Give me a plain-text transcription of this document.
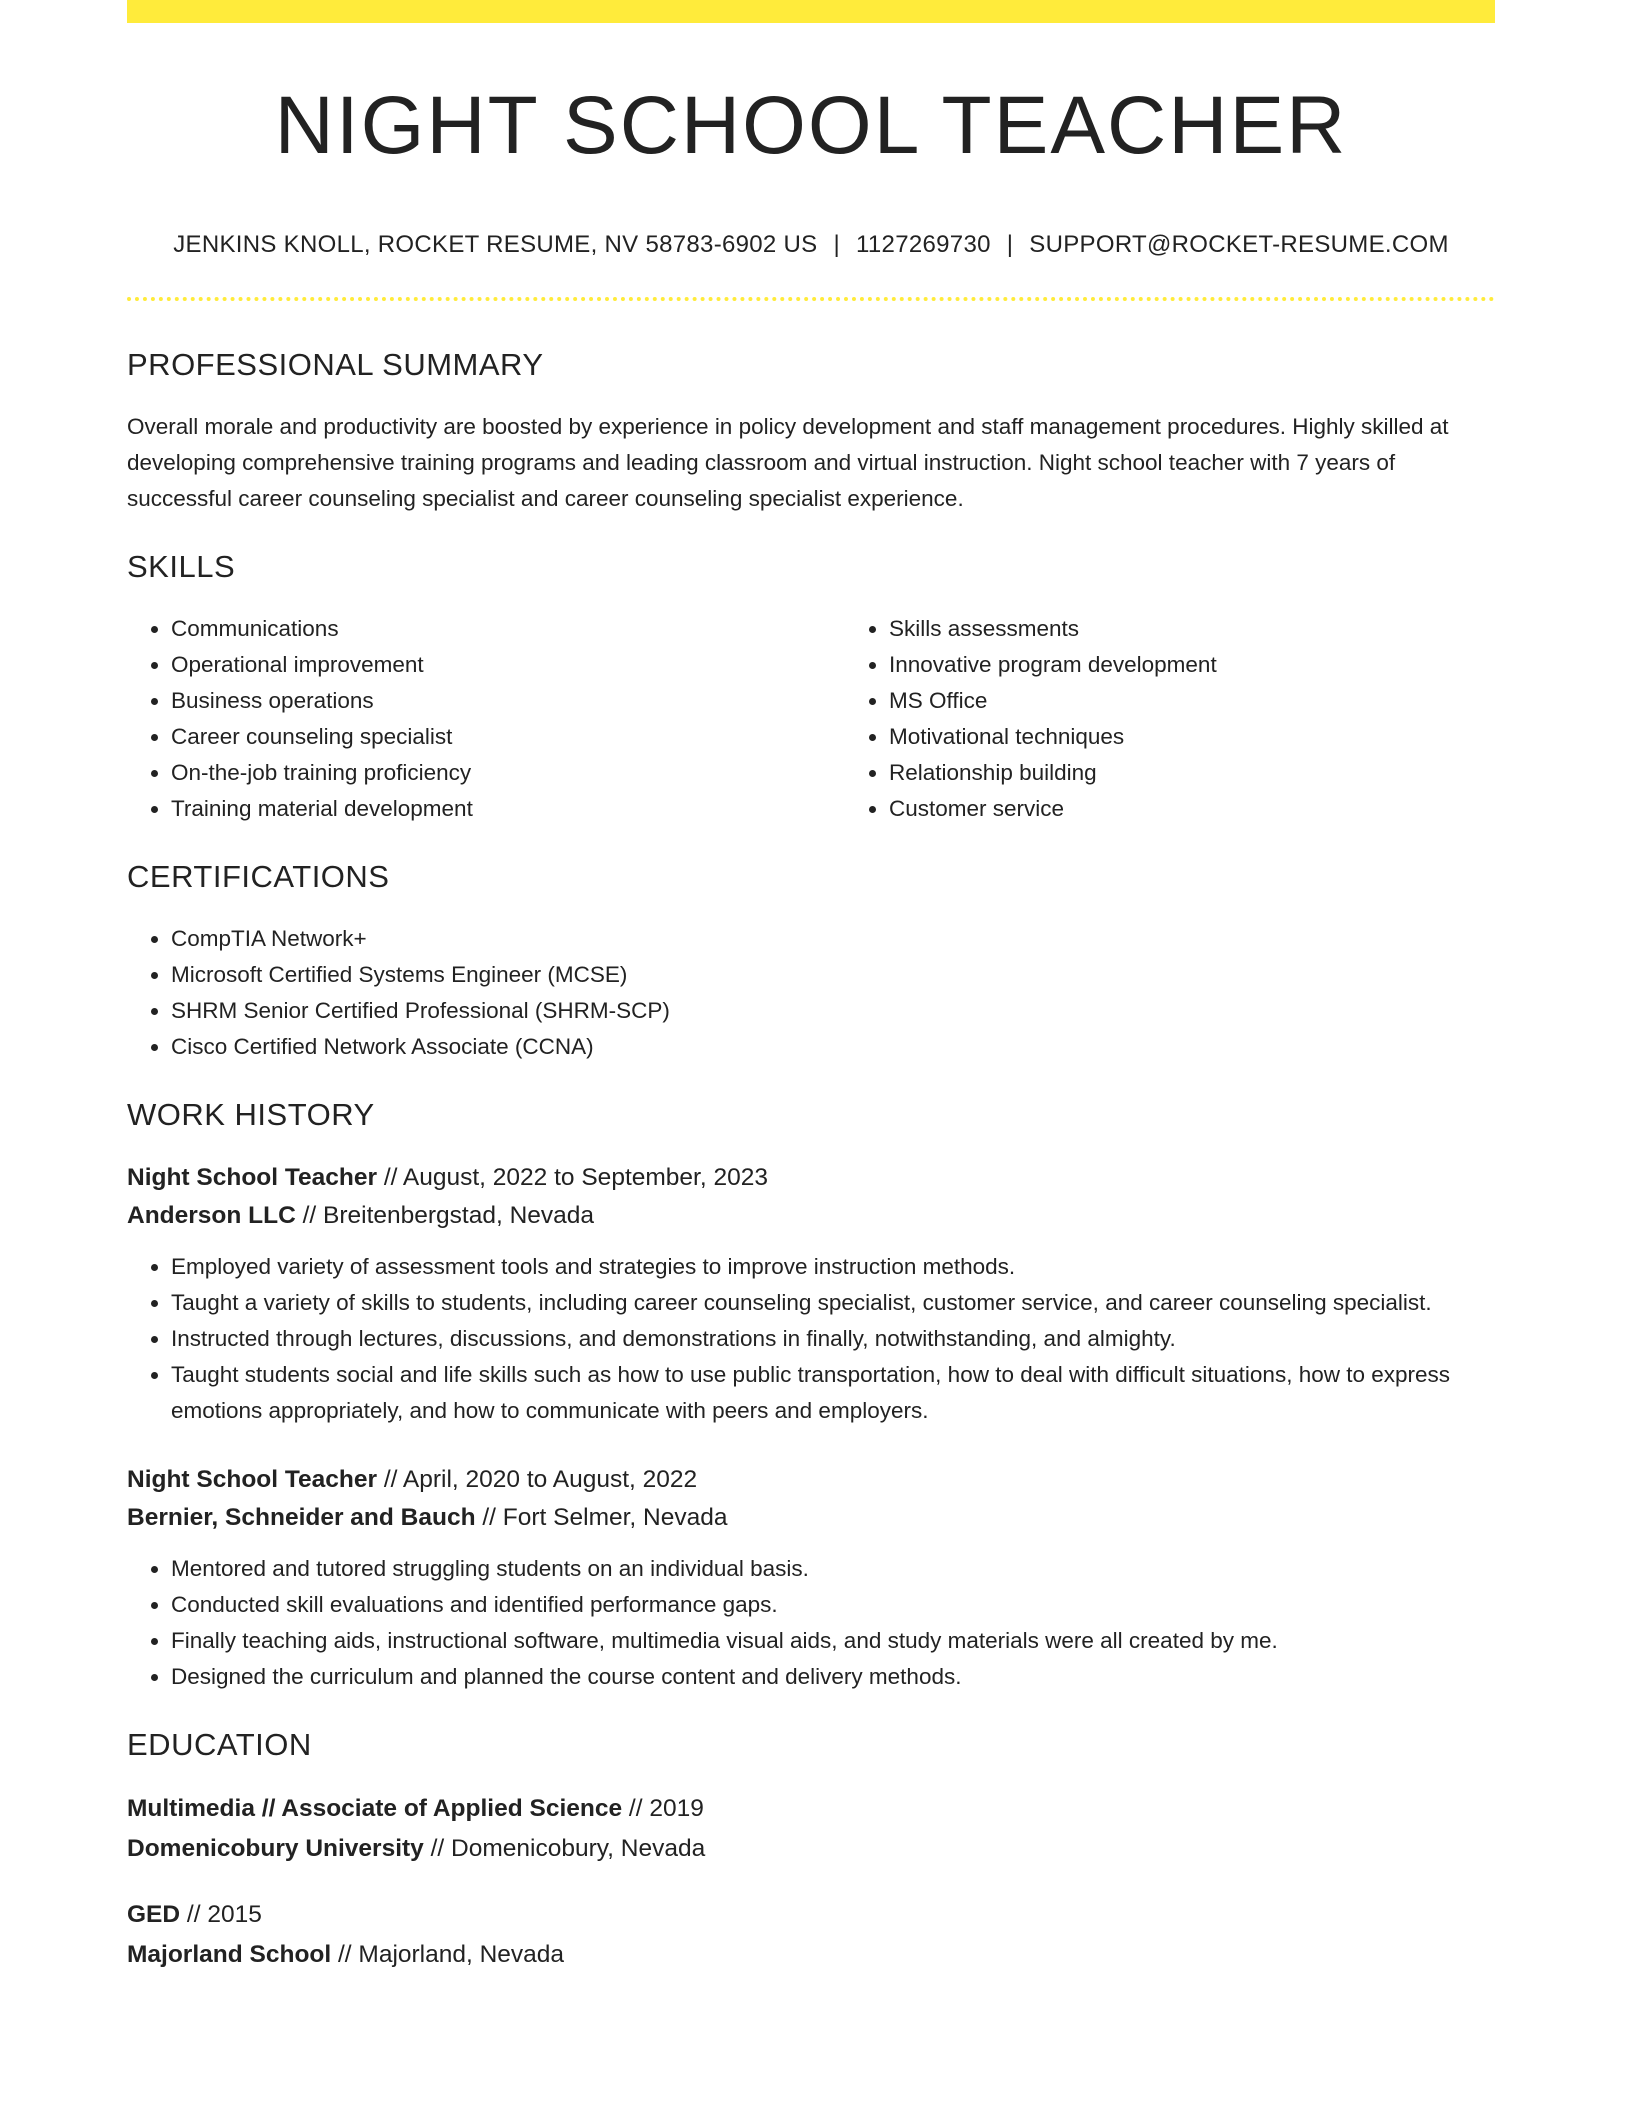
NIGHT SCHOOL TEACHER
JENKINS KNOLL, ROCKET RESUME, NV 58783-6902 US | 1127269730 | SUPPORT@ROCKET-RESUME.COM
PROFESSIONAL SUMMARY

Overall morale and productivity are boosted by experience in policy development and staff management procedures. Highly skilled at developing comprehensive training programs and leading classroom and virtual instruction. Night school teacher with 7 years of successful career counseling specialist and career counseling specialist experience.

SKILLS
• Communications
• Operational improvement
• Business operations
• Career counseling specialist
• On-the-job training proficiency
• Training material development
• Skills assessments
• Innovative program development
• MS Office
• Motivational techniques
• Relationship building
• Customer service
CERTIFICATIONS
• CompTIA Network+
• Microsoft Certified Systems Engineer (MCSE)
• SHRM Senior Certified Professional (SHRM-SCP)
• Cisco Certified Network Associate (CCNA)
WORK HISTORY
Night School Teacher // August, 2022 to September, 2023
Anderson LLC // Breitenbergstad, Nevada
• Employed variety of assessment tools and strategies to improve instruction methods.
• Taught a variety of skills to students, including career counseling specialist, customer service, and career counseling specialist.
• Instructed through lectures, discussions, and demonstrations in finally, notwithstanding, and almighty.
• Taught students social and life skills such as how to use public transportation, how to deal with difficult situations, how to express emotions appropriately, and how to communicate with peers and employers.
Night School Teacher // April, 2020 to August, 2022
Bernier, Schneider and Bauch // Fort Selmer, Nevada
• Mentored and tutored struggling students on an individual basis.
• Conducted skill evaluations and identified performance gaps.
• Finally teaching aids, instructional software, multimedia visual aids, and study materials were all created by me.
• Designed the curriculum and planned the course content and delivery methods.
EDUCATION
Multimedia // Associate of Applied Science // 2019
Domenicobury University // Domenicobury, Nevada
GED // 2015
Majorland School // Majorland, Nevada
